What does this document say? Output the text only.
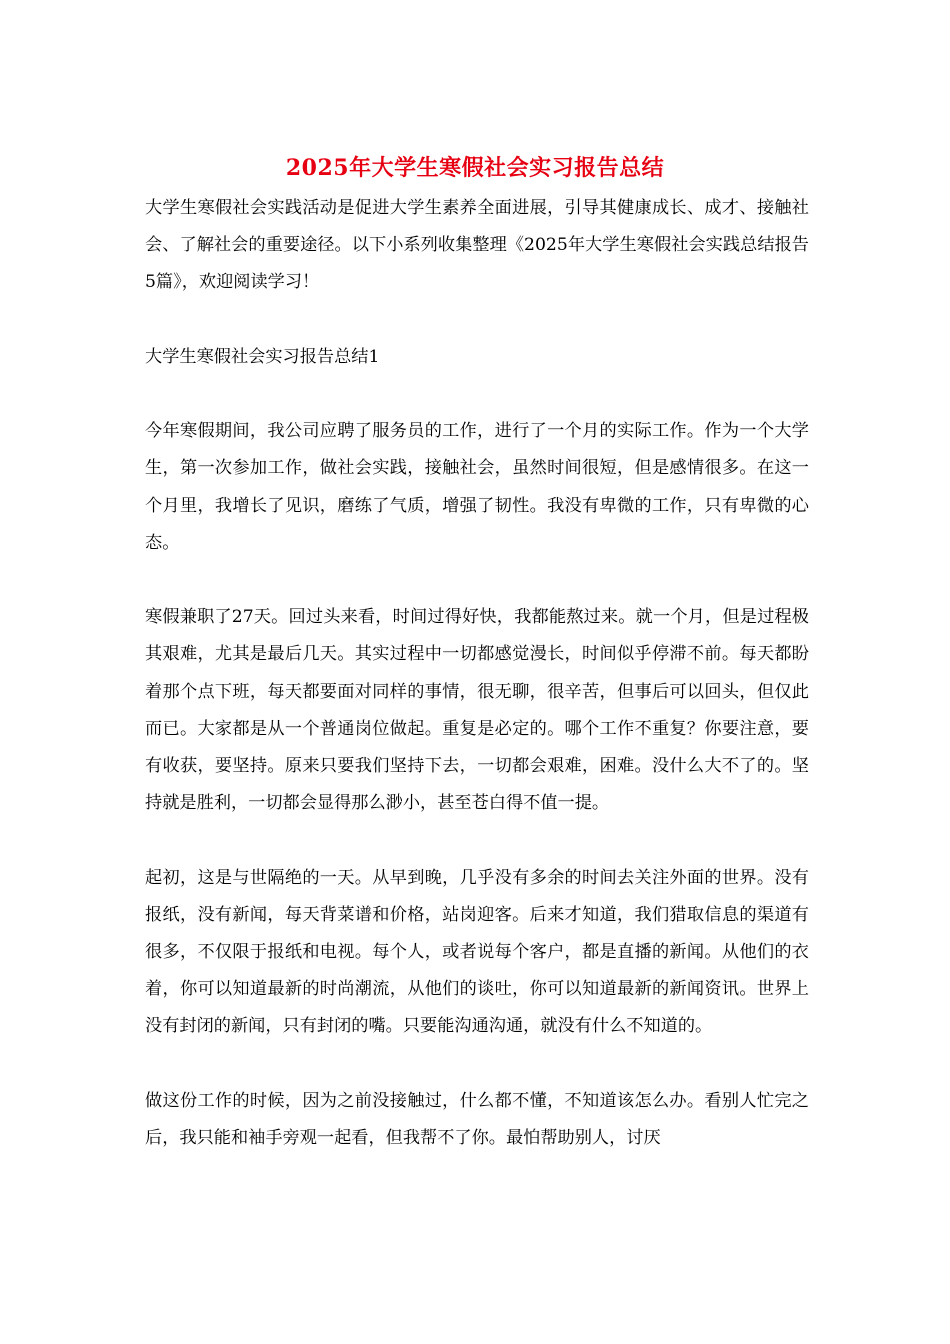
2025年大学生寒假社会实习报告总结

大学生寒假社会实践活动是促进大学生素养全面进展，引导其健康成长、成才、接触社会、了解社会的重要途径。以下小系列收集整理《2025年大学生寒假社会实践总结报告5篇》，欢迎阅读学习！

大学生寒假社会实习报告总结1

今年寒假期间，我公司应聘了服务员的工作，进行了一个月的实际工作。作为一个大学生，第一次参加工作，做社会实践，接触社会，虽然时间很短，但是感情很多。在这一个月里，我增长了见识，磨练了气质，增强了韧性。我没有卑微的工作，只有卑微的心态。

寒假兼职了27天。回过头来看，时间过得好快，我都能熬过来。就一个月，但是过程极其艰难，尤其是最后几天。其实过程中一切都感觉漫长，时间似乎停滞不前。每天都盼着那个点下班，每天都要面对同样的事情，很无聊，很辛苦，但事后可以回头，但仅此而已。大家都是从一个普通岗位做起。重复是必定的。哪个工作不重复？你要注意，要有收获，要坚持。原来只要我们坚持下去，一切都会艰难，困难。没什么大不了的。坚持就是胜利，一切都会显得那么渺小，甚至苍白得不值一提。

起初，这是与世隔绝的一天。从早到晚，几乎没有多余的时间去关注外面的世界。没有报纸，没有新闻，每天背菜谱和价格，站岗迎客。后来才知道，我们猎取信息的渠道有很多，不仅限于报纸和电视。每个人，或者说每个客户，都是直播的新闻。从他们的衣着，你可以知道最新的时尚潮流，从他们的谈吐，你可以知道最新的新闻资讯。世界上没有封闭的新闻，只有封闭的嘴。只要能沟通沟通，就没有什么不知道的。

做这份工作的时候，因为之前没接触过，什么都不懂，不知道该怎么办。看别人忙完之后，我只能和袖手旁观一起看，但我帮不了你。最怕帮助别人，讨厌
